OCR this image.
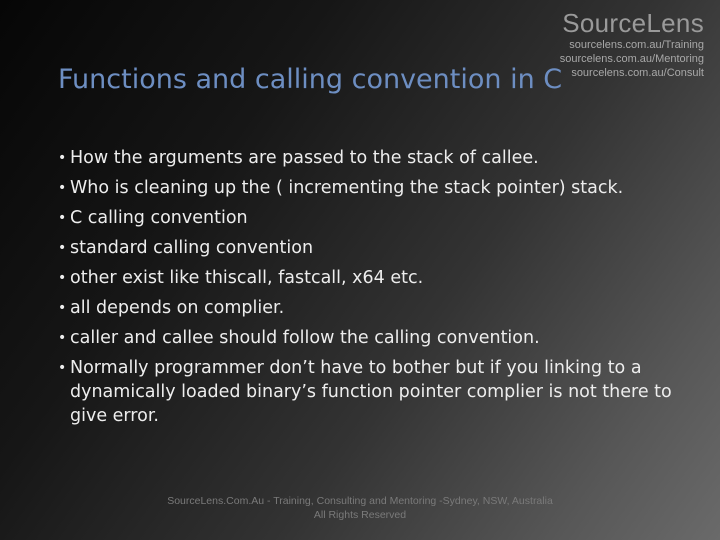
SourceLens
sourcelens.com.au/Training
sourcelens.com.au/Mentoring
sourcelens.com.au/Consult
Functions and calling convention in C
• How the arguments are passed to the stack of callee.
• Who is cleaning up the ( incrementing the stack pointer) stack.
• C calling convention
• standard calling convention
• other exist like thiscall, fastcall, x64 etc.
• all depends on complier.
• caller and callee should follow the calling convention.
• Normally programmer don’t have to bother but if you linking to a dynamically loaded binary’s function pointer complier is not there to give error.
SourceLens.Com.Au - Training, Consulting and Mentoring -Sydney, NSW, Australia
All Rights Reserved
